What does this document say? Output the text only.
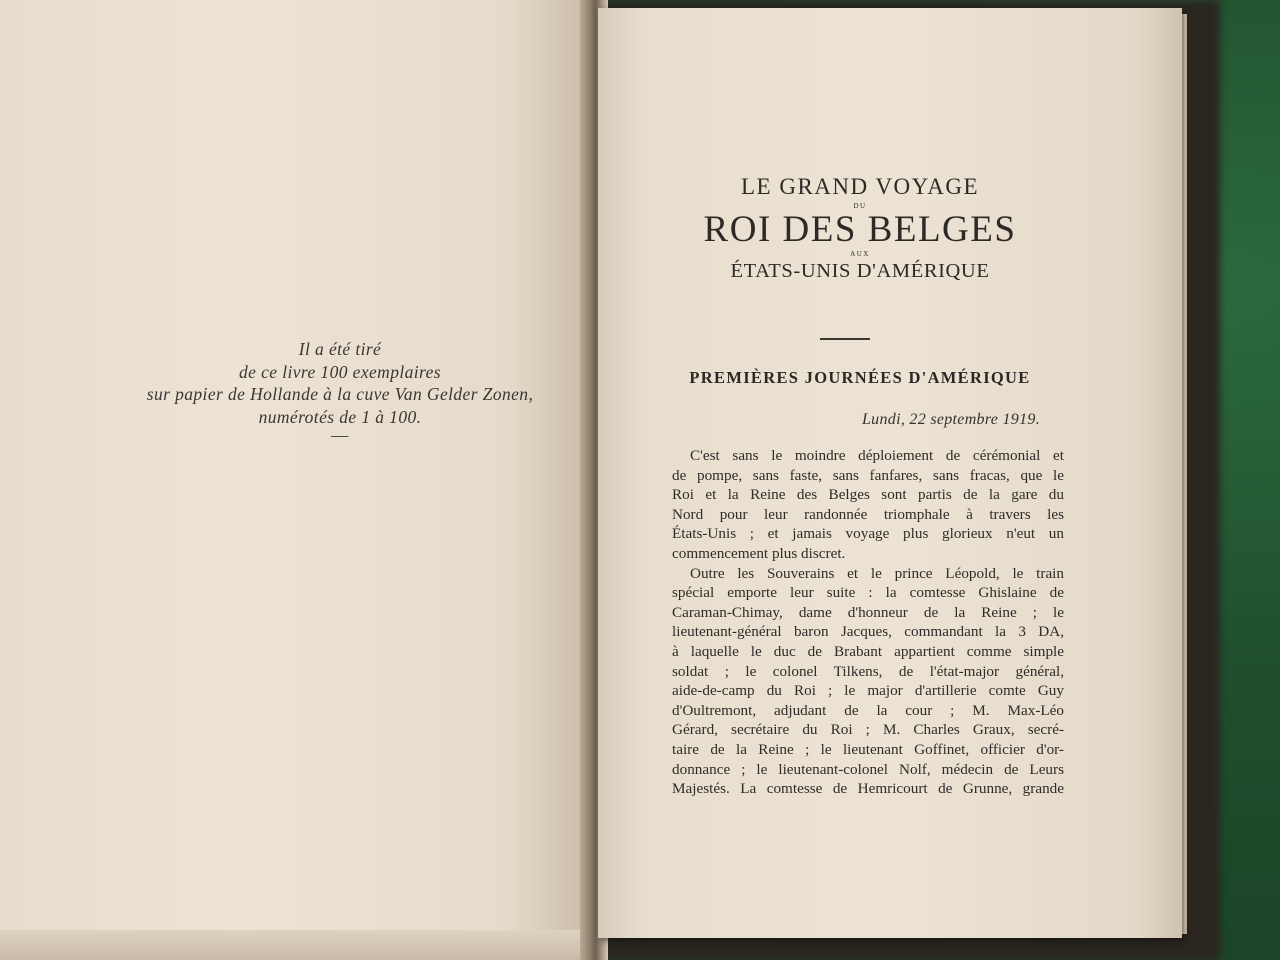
Il a été tiré
de ce livre 100 exemplaires
sur papier de Hollande à la cuve Van Gelder Zonen,
numérotés de 1 à 100.
—
LE GRAND VOYAGE
DU
ROI DES BELGES
AUX
ÉTATS-UNIS D'AMÉRIQUE
PREMIÈRES JOURNÉES D'AMÉRIQUE
Lundi, 22 septembre 1919.
C'est sans le moindre déploiement de cérémonial et
de pompe, sans faste, sans fanfares, sans fracas, que le
Roi et la Reine des Belges sont partis de la gare du
Nord pour leur randonnée triomphale à travers les
États-Unis ; et jamais voyage plus glorieux n'eut un
commencement plus discret.
Outre les Souverains et le prince Léopold, le train
spécial emporte leur suite : la comtesse Ghislaine de
Caraman-Chimay, dame d'honneur de la Reine ; le
lieutenant-général baron Jacques, commandant la 3 DA,
à laquelle le duc de Brabant appartient comme simple
soldat ; le colonel Tilkens, de l'état-major général,
aide-de-camp du Roi ; le major d'artillerie comte Guy
d'Oultremont, adjudant de la cour ; M. Max-Léo
Gérard, secrétaire du Roi ; M. Charles Graux, secré-
taire de la Reine ; le lieutenant Goffinet, officier d'or-
donnance ; le lieutenant-colonel Nolf, médecin de Leurs
Majestés. La comtesse de Hemricourt de Grunne, grande
